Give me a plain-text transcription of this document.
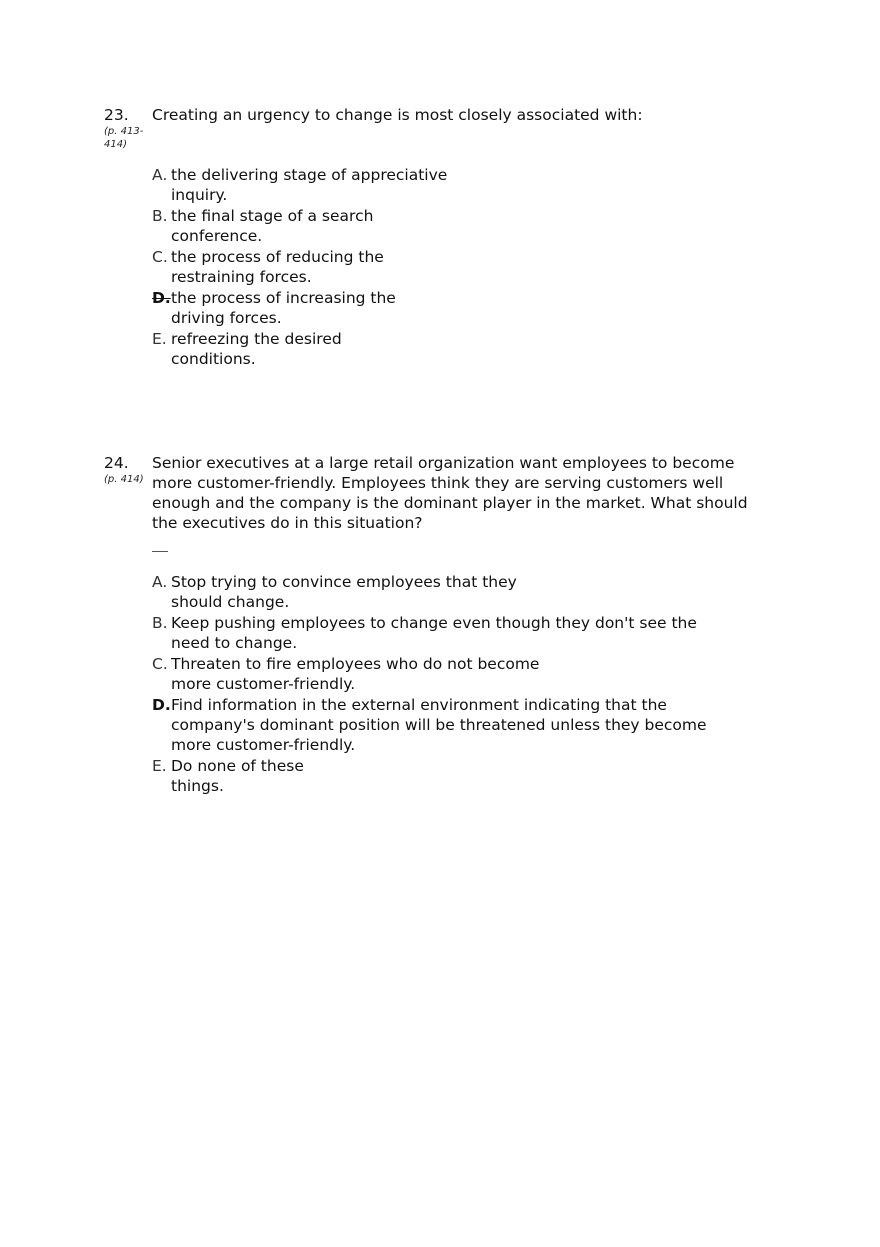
23.
(p. 413-414)
Creating an urgency to change is most closely associated with:
A. the delivering stage of appreciative inquiry.
B. the final stage of a search conference.
C. the process of reducing the restraining forces.
D. the process of increasing the driving forces.
E. refreezing the desired conditions.
24.
(p. 414)
Senior executives at a large retail organization want employees to become more customer-friendly. Employees think they are serving customers well enough and the company is the dominant player in the market. What should the executives do in this situation?
A. Stop trying to convince employees that they should change.
B. Keep pushing employees to change even though they don't see the need to change.
C. Threaten to fire employees who do not become more customer-friendly.
D. Find information in the external environment indicating that the company's dominant position will be threatened unless they become more customer-friendly.
E. Do none of these things.
